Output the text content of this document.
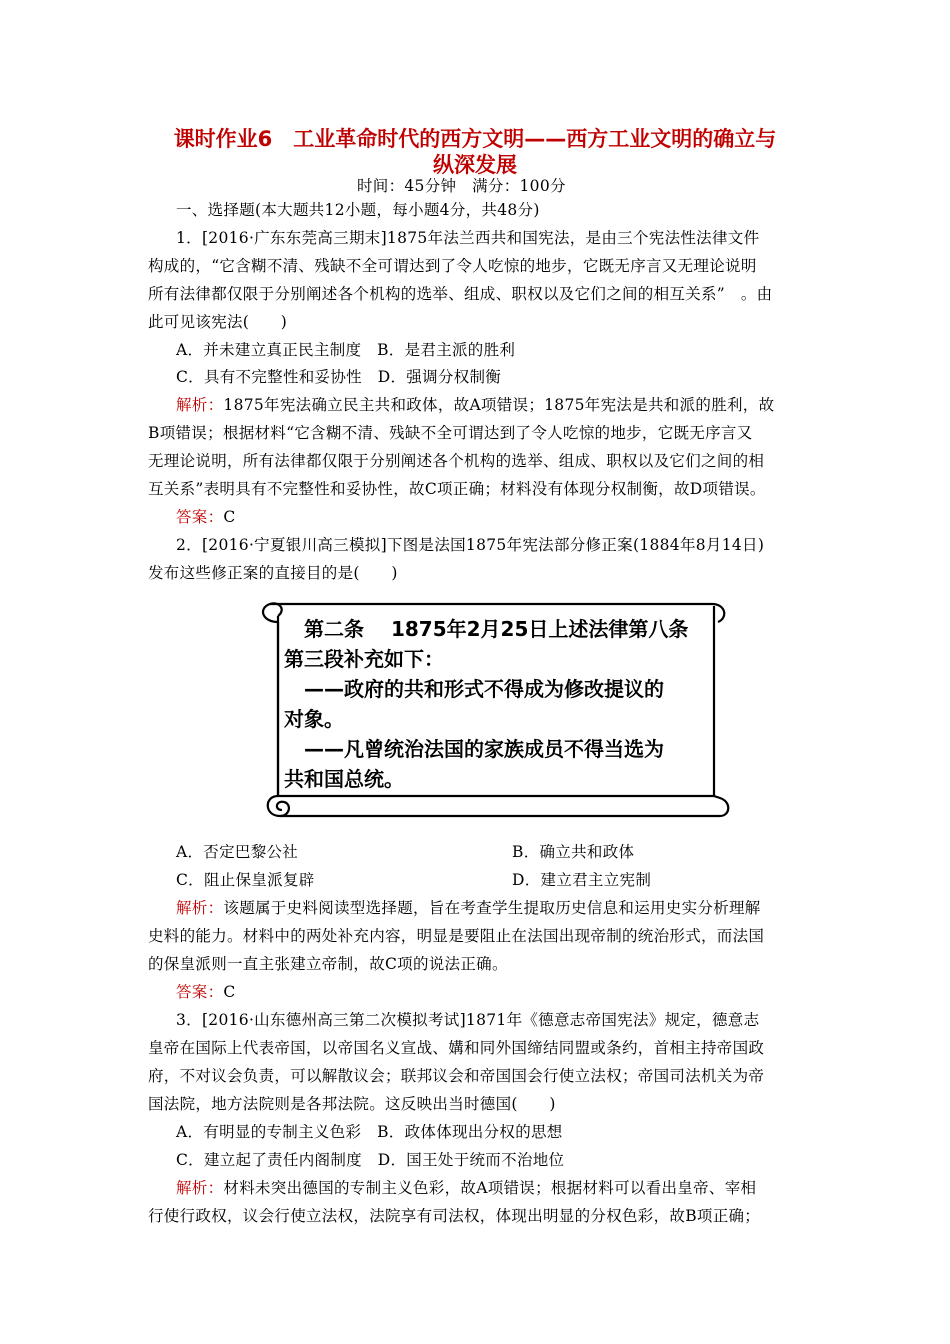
课时作业6　工业革命时代的西方文明——西方工业文明的确立与
纵深发展
时间：45分钟　满分：100分
一、选择题(本大题共12小题，每小题4分，共48分)
1．[2016·广东东莞高三期末]1875年法兰西共和国宪法，是由三个宪法性法律文件
构成的，“它含糊不清、残缺不全可谓达到了令人吃惊的地步，它既无序言又无理论说明
所有法律都仅限于分别阐述各个机构的选举、组成、职权以及它们之间的相互关系”　。由
此可见该宪法(　　)
A．并未建立真正民主制度　 B．是君主派的胜利
C．具有不完整性和妥协性　 D．强调分权制衡
解析：1875年宪法确立民主共和政体，故A项错误；1875年宪法是共和派的胜利，故
B项错误；根据材料“它含糊不清、残缺不全可谓达到了令人吃惊的地步，它既无序言又
无理论说明，所有法律都仅限于分别阐述各个机构的选举、组成、职权以及它们之间的相
互关系”表明具有不完整性和妥协性，故C项正确；材料没有体现分权制衡，故D项错误。
答案：C
2．[2016·宁夏银川高三模拟]下图是法国1875年宪法部分修正案(1884年8月14日)
发布这些修正案的直接目的是(　　)
　第二条　 1875年2月25日上述法律第八条
第三段补充如下：
　——政府的共和形式不得成为修改提议的
对象。
　——凡曾统治法国的家族成员不得当选为
共和国总统。
A．否定巴黎公社	B．确立共和政体
C．阻止保皇派复辟	D．建立君主立宪制
解析：该题属于史料阅读型选择题，旨在考查学生提取历史信息和运用史实分析理解
史料的能力。材料中的两处补充内容，明显是要阻止在法国出现帝制的统治形式，而法国
的保皇派则一直主张建立帝制，故C项的说法正确。
答案：C
3．[2016·山东德州高三第二次模拟考试]1871年《德意志帝国宪法》规定，德意志
皇帝在国际上代表帝国，以帝国名义宣战、媾和同外国缔结同盟或条约，首相主持帝国政
府，不对议会负责，可以解散议会；联邦议会和帝国国会行使立法权；帝国司法机关为帝
国法院，地方法院则是各邦法院。这反映出当时德国(　　)
A．有明显的专制主义色彩　 B．政体体现出分权的思想
C．建立起了责任内阁制度　 D．国王处于统而不治地位
解析：材料未突出德国的专制主义色彩，故A项错误；根据材料可以看出皇帝、宰相
行使行政权，议会行使立法权，法院享有司法权，体现出明显的分权色彩，故B项正确；
